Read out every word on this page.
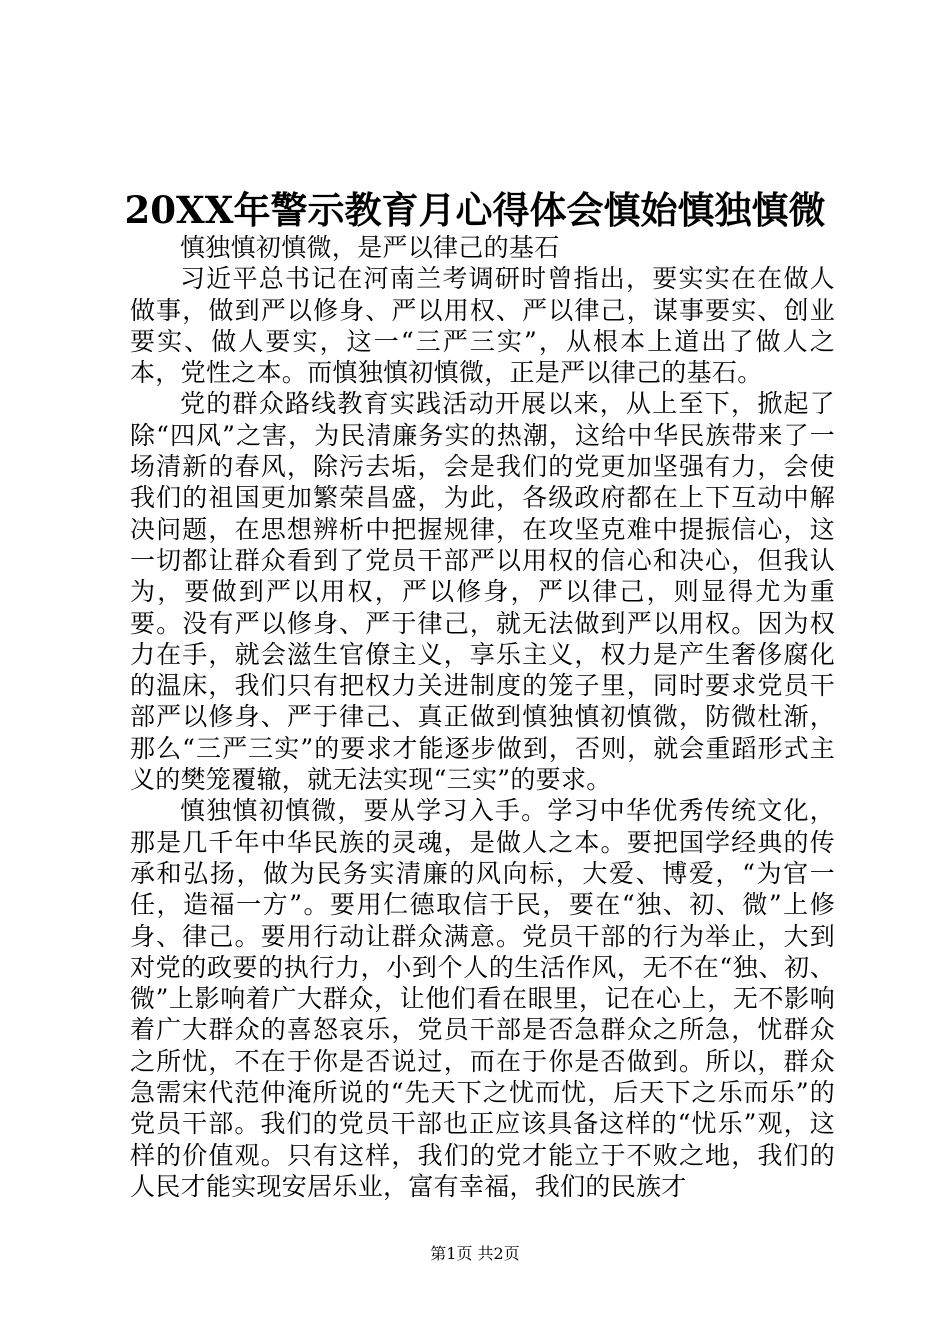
20XX年警示教育月心得体会慎始慎独慎微

慎独慎初慎微，是严以律己的基石

习近平总书记在河南兰考调研时曾指出，要实实在在做人做事，做到严以修身、严以用权、严以律己，谋事要实、创业要实、做人要实，这一“三严三实”，从根本上道出了做人之本，党性之本。而慎独慎初慎微，正是严以律己的基石。

党的群众路线教育实践活动开展以来，从上至下，掀起了除“四风”之害，为民清廉务实的热潮，这给中华民族带来了一场清新的春风，除污去垢，会是我们的党更加坚强有力，会使我们的祖国更加繁荣昌盛，为此，各级政府都在上下互动中解决问题，在思想辨析中把握规律，在攻坚克难中提振信心，这一切都让群众看到了党员干部严以用权的信心和决心，但我认为，要做到严以用权，严以修身，严以律己，则显得尤为重要。没有严以修身、严于律己，就无法做到严以用权。因为权力在手，就会滋生官僚主义，享乐主义，权力是产生奢侈腐化的温床，我们只有把权力关进制度的笼子里，同时要求党员干部严以修身、严于律己、真正做到慎独慎初慎微，防微杜渐，那么“三严三实”的要求才能逐步做到，否则，就会重蹈形式主义的樊笼覆辙，就无法实现“三实”的要求。

慎独慎初慎微，要从学习入手。学习中华优秀传统文化，那是几千年中华民族的灵魂，是做人之本。要把国学经典的传承和弘扬，做为民务实清廉的风向标，大爱、博爱，“为官一任，造福一方”。要用仁德取信于民，要在“独、初、微”上修身、律己。要用行动让群众满意。党员干部的行为举止，大到对党的政要的执行力，小到个人的生活作风，无不在“独、初、微”上影响着广大群众，让他们看在眼里，记在心上，无不影响着广大群众的喜怒哀乐，党员干部是否急群众之所急，忧群众之所忧，不在于你是否说过，而在于你是否做到。所以，群众急需宋代范仲淹所说的“先天下之忧而忧，后天下之乐而乐”的党员干部。我们的党员干部也正应该具备这样的“忧乐”观，这样的价值观。只有这样，我们的党才能立于不败之地，我们的人民才能实现安居乐业，富有幸福，我们的民族才

第1页 共2页
